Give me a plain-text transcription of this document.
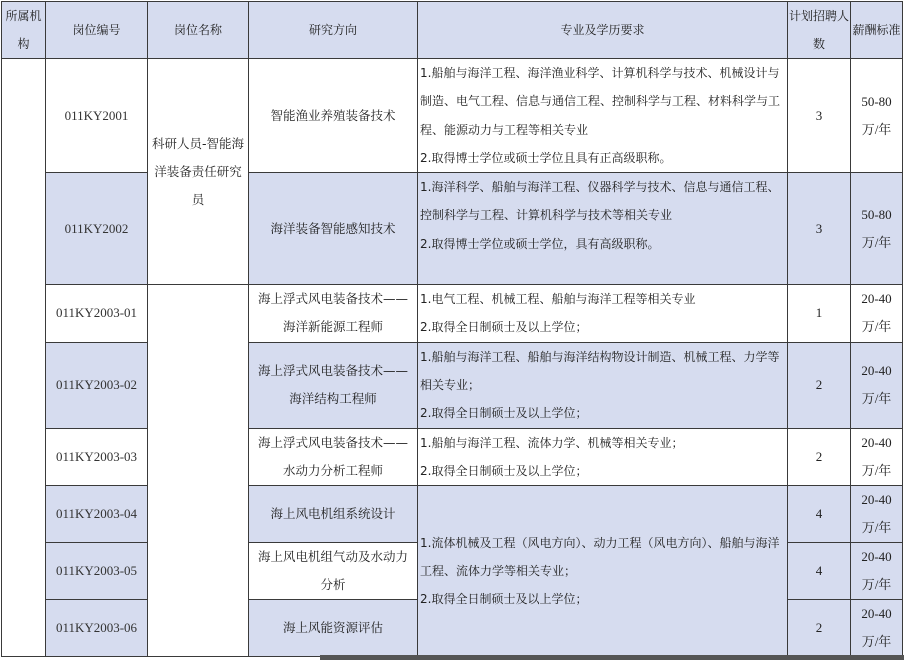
所属机构	岗位编号	岗位名称	研究方向	专业及学历要求	计划招聘人数	薪酬标准
	011KY2001	科研人员-智能海洋装备责任研究员	智能渔业养殖装备技术	1.船舶与海洋工程、海洋渔业科学、计算机科学与技术、机械设计与制造、电气工程、信息与通信工程、控制科学与工程、材料科学与工程、能源动力与工程等相关专业
2.取得博士学位或硕士学位且具有正高级职称。	3	50-80万/年

	011KY2002		海洋装备智能感知技术	1.海洋科学、船舶与海洋工程、仪器科学与技术、信息与通信工程、控制科学与工程、计算机科学与技术等相关专业
2.取得博士学位或硕士学位，具有高级职称。	3	50-80万/年

	011KY2003-01		海上浮式风电装备技术——海洋新能源工程师	1.电气工程、机械工程、船舶与海洋工程等相关专业
2.取得全日制硕士及以上学位；	1	20-40万/年

	011KY2003-02		海上浮式风电装备技术——海洋结构工程师	1.船舶与海洋工程、船舶与海洋结构物设计制造、机械工程、力学等相关专业；
2.取得全日制硕士及以上学位；	2	20-40万/年

	011KY2003-03		海上浮式风电装备技术——水动力分析工程师	1.船舶与海洋工程、流体力学、机械等相关专业；
2.取得全日制硕士及以上学位；	2	20-40万/年

	011KY2003-04		海上风电机组系统设计	1.流体机械及工程（风电方向）、动力工程（风电方向）、船舶与海洋工程、流体力学等相关专业；
2.取得全日制硕士及以上学位；	4	20-40万/年

	011KY2003-05		海上风电机组气动及水动力分析		4	20-40万/年

	011KY2003-06		海上风能资源评估		2	20-40万/年
